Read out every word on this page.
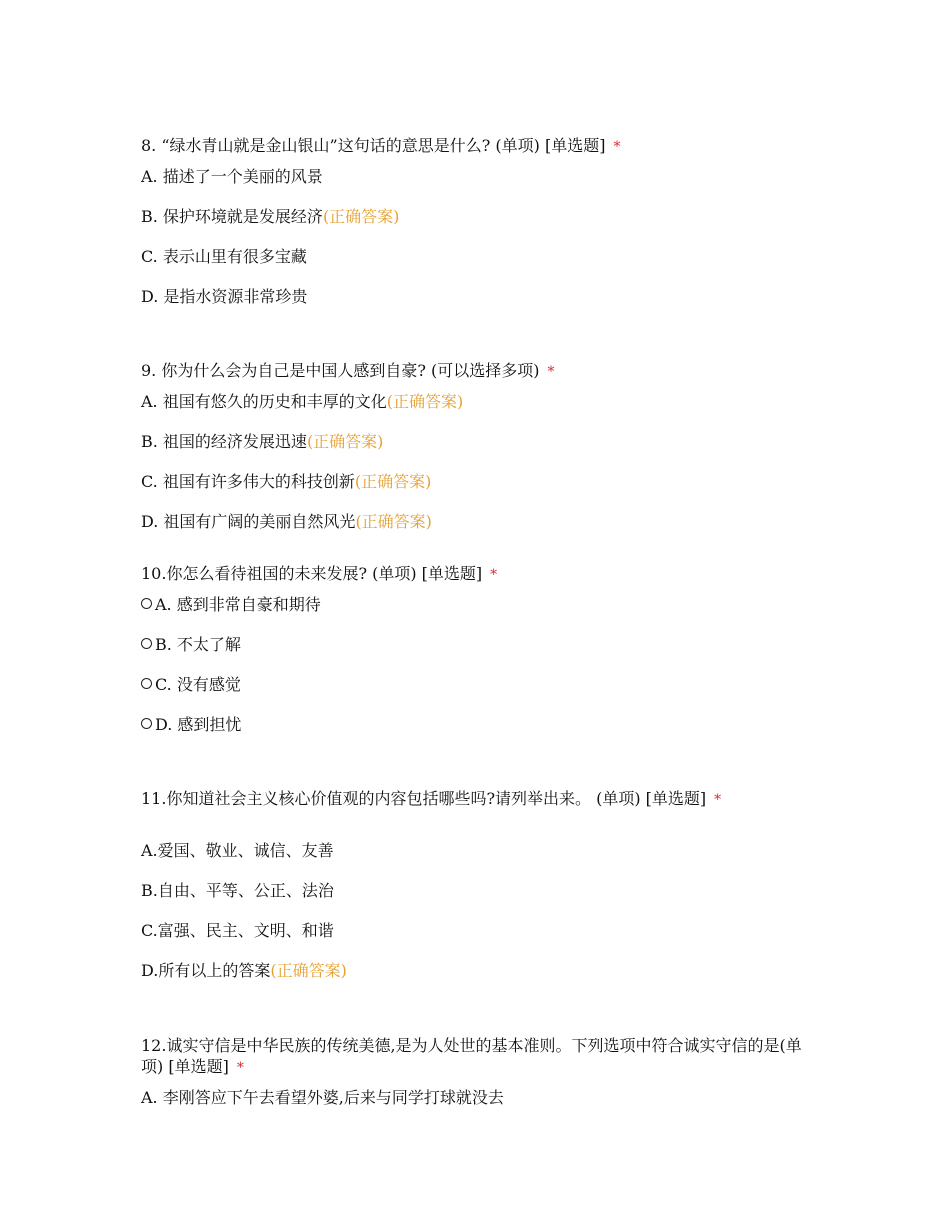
8. “绿水青山就是金山银山”这句话的意思是什么? (单项) [单选题] *
A. 描述了一个美丽的风景
B. 保护环境就是发展经济(正确答案)
C. 表示山里有很多宝藏
D. 是指水资源非常珍贵
9. 你为什么会为自己是中国人感到自豪? (可以选择多项) *
A. 祖国有悠久的历史和丰厚的文化(正确答案)
B. 祖国的经济发展迅速(正确答案)
C. 祖国有许多伟大的科技创新(正确答案)
D. 祖国有广阔的美丽自然风光(正确答案)
10.你怎么看待祖国的未来发展? (单项) [单选题] *
A. 感到非常自豪和期待
B. 不太了解
C. 没有感觉
D. 感到担忧
11.你知道社会主义核心价值观的内容包括哪些吗?请列举出来。 (单项) [单选题] *
A.爱国、敬业、诚信、友善
B.自由、平等、公正、法治
C.富强、民主、文明、和谐
D.所有以上的答案(正确答案)
12.诚实守信是中华民族的传统美德,是为人处世的基本准则。下列选项中符合诚实守信的是(单项) [单选题] *
A. 李刚答应下午去看望外婆,后来与同学打球就没去
